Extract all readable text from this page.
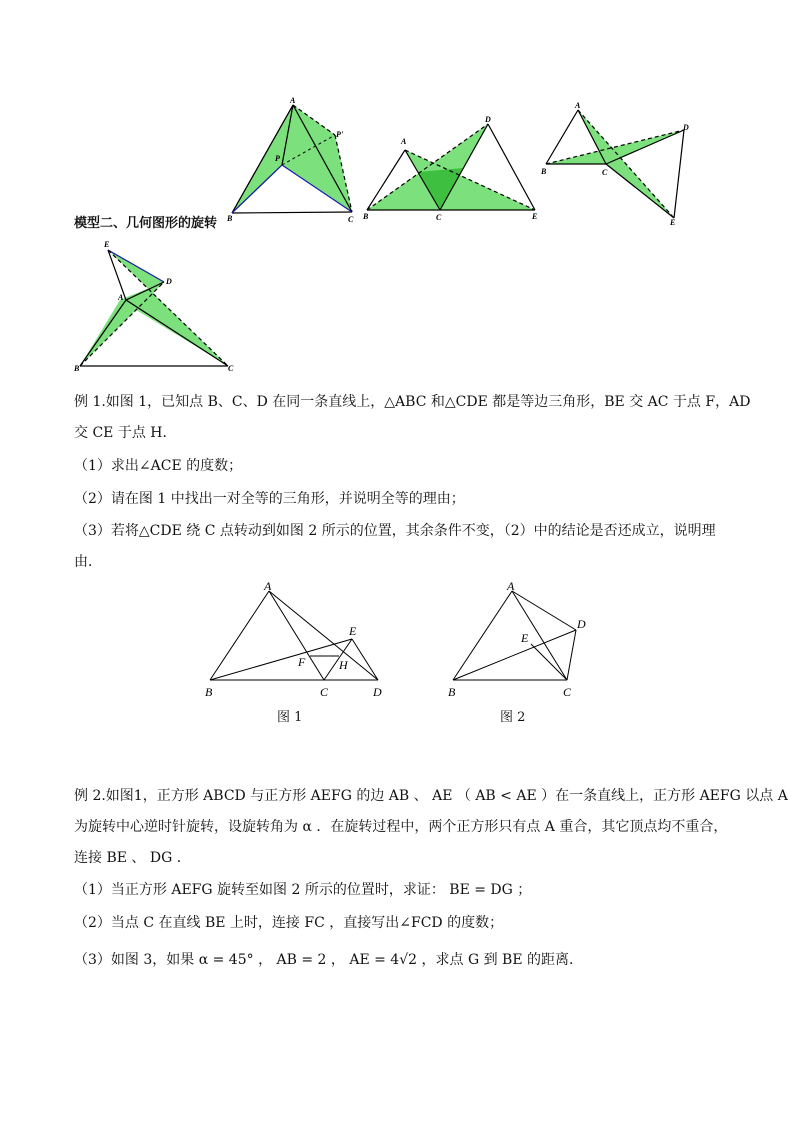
A
P
P'
B	C
A
D
B	C	E
A
D
B	C
E
模型二、几何图形的旋转
E
D
A
B	C
例 1.如图 1，已知点 B、C、D 在同一条直线上，△ABC 和△CDE 都是等边三角形，BE 交 AC 于点 F，AD
交 CE 于点 H．
（1）求出∠ACE 的度数；
（2）请在图 1 中找出一对全等的三角形，并说明全等的理由；
（3）若将△CDE 绕 C 点转动到如图 2 所示的位置，其余条件不变，（2）中的结论是否还成立，说明理
由．
A
E
F	H
B	C	D
图 1
A
D
E
B	C
图 2
例 2.如图1，正方形 ABCD 与正方形 AEFG 的边 AB 、 AE （ AB < AE ）在一条直线上，正方形 AEFG 以点 A
为旋转中心逆时针旋转，设旋转角为 α ．在旋转过程中，两个正方形只有点 A 重合，其它顶点均不重合，
连接 BE 、 DG ．
（1）当正方形 AEFG 旋转至如图 2 所示的位置时，求证： BE = DG ；
（2）当点 C 在直线 BE 上时，连接 FC ，直接写出∠FCD 的度数；
（3）如图 3，如果 α = 45° ， AB = 2 ， AE = 4√2 ，求点 G 到 BE 的距离．
